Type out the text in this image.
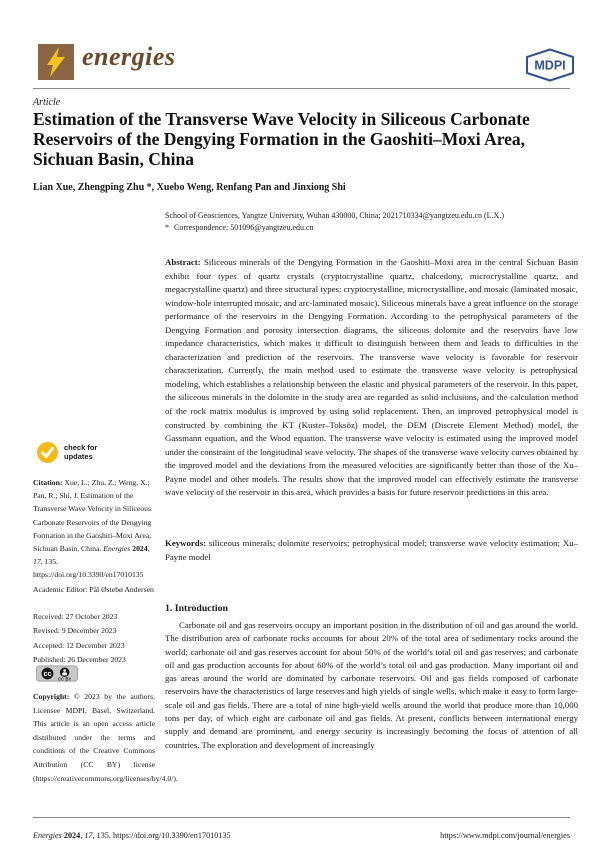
energies	MDPI
Article
Estimation of the Transverse Wave Velocity in Siliceous Carbonate Reservoirs of the Dengying Formation in the Gaoshiti–Moxi Area, Sichuan Basin, China
Lian Xue, Zhengping Zhu *, Xuebo Weng, Renfang Pan and Jinxiong Shi
School of Geosciences, Yangtze University, Wuhan 430000, China; 2021710334@yangtzeu.edu.cn (L.X.)
* Correspondence: 501096@yangtzeu.edu.cn
Abstract: Siliceous minerals of the Dengying Formation in the Gaoshiti–Moxi area in the central Sichuan Basin exhibit four types of quartz crystals (cryptocrystalline quartz, chalcedony, microcrystalline quartz, and megacrystalline quartz) and three structural types: cryptocrystalline, microcrystalline, and mosaic (laminated mosaic, window-hole interrupted mosaic, and arc-laminated mosaic). Siliceous minerals have a great influence on the storage performance of the reservoirs in the Dengying Formation. According to the petrophysical parameters of the Dengying Formation and porosity intersection diagrams, the siliceous dolomite and the reservoirs have low impedance characteristics, which makes it difficult to distinguish between them and leads to difficulties in the characterization and prediction of the reservoirs. The transverse wave velocity is favorable for reservoir characterization. Currently, the main method used to estimate the transverse wave velocity is petrophysical modeling, which establishes a relationship between the elastic and physical parameters of the reservoir. In this paper, the siliceous minerals in the dolomite in the study area are regarded as solid inclusions, and the calculation method of the rock matrix modulus is improved by using solid replacement. Then, an improved petrophysical model is constructed by combining the KT (Kuster–Toksöz) model, the DEM (Discrete Element Method) model, the Gassmann equation, and the Wood equation. The transverse wave velocity is estimated using the improved model under the constraint of the longitudinal wave velocity. The shapes of the transverse wave velocity curves obtained by the improved model and the deviations from the measured velocities are significantly better than those of the Xu–Payne model and other models. The results show that the improved model can effectively estimate the transverse wave velocity of the reservoir in this area, which provides a basis for future reservoir predictions in this area.
Keywords: siliceous minerals; dolomite reservoirs; petrophysical model; transverse wave velocity estimation; Xu–Payne model
check for
updates
Citation: Xue, L.; Zhu, Z.; Weng, X.; Pan, R.; Shi, J. Estimation of the Transverse Wave Velocity in Siliceous Carbonate Reservoirs of the Dengying Formation in the Gaoshiti–Moxi Area, Sichuan Basin, China. Energies 2024, 17, 135. https://doi.org/10.3390/en17010135
Academic Editor: Pål Østebø Andersen
Received: 27 October 2023
Revised: 9 December 2023
Accepted: 12 December 2023
Published: 26 December 2023
cc
CC BY
Copyright: © 2023 by the authors. Licensee MDPI, Basel, Switzerland. This article is an open access article distributed under the terms and conditions of the Creative Commons Attribution (CC BY) license (https://creativecommons.org/licenses/by/4.0/).
1. Introduction
Carbonate oil and gas reservoirs occupy an important position in the distribution of oil and gas around the world. The distribution area of carbonate rocks accounts for about 20% of the total area of sedimentary rocks around the world; carbonate oil and gas reserves account for about 50% of the world’s total oil and gas reserves; and carbonate oil and gas production accounts for about 60% of the world’s total oil and gas production. Many important oil and gas areas around the world are dominated by carbonate reservoirs. Oil and gas fields composed of carbonate reservoirs have the characteristics of large reserves and high yields of single wells, which make it easy to form large-scale oil and gas fields. There are a total of nine high-yield wells around the world that produce more than 10,000 tons per day, of which eight are carbonate oil and gas fields. At present, conflicts between international energy supply and demand are prominent, and energy security is increasingly becoming the focus of attention of all countries. The exploration and development of increasingly
Energies 2024, 17, 135. https://doi.org/10.3390/en17010135	https://www.mdpi.com/journal/energies
